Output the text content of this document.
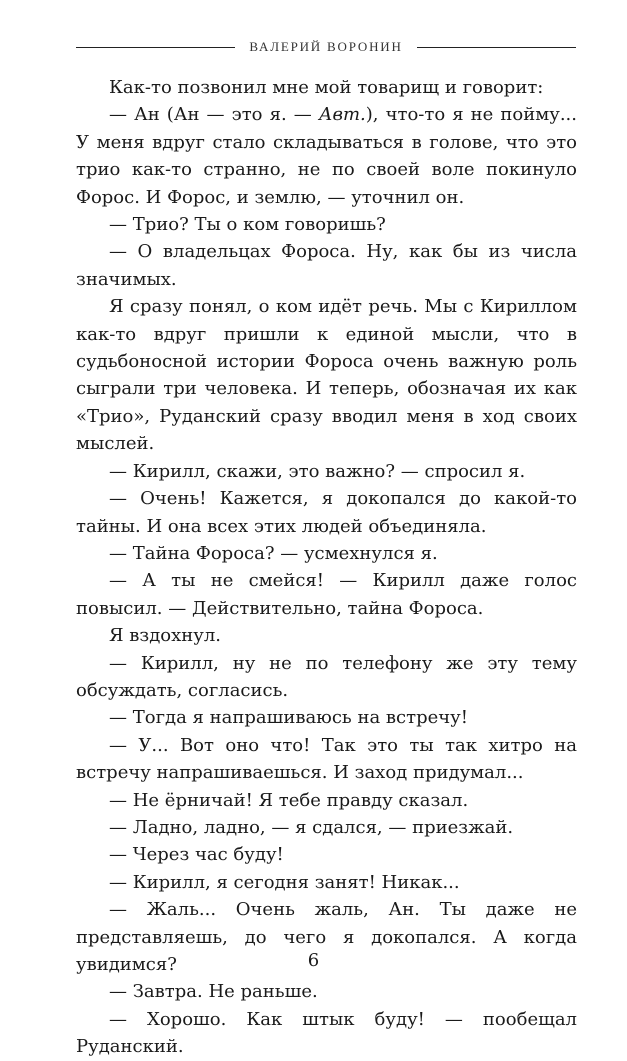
ВАЛЕРИЙ ВОРОНИН

Как-то позвонил мне мой товарищ и говорит:

— Ан (Ан — это я. — Авт.), что-то я не пойму... У меня вдруг стало складываться в голове, что это трио как-то странно, не по своей воле покинуло Форос. И Форос, и землю, — уточнил он.

— Трио? Ты о ком говоришь?

— О владельцах Фороса. Ну, как бы из числа значимых.

Я сразу понял, о ком идёт речь. Мы с Кириллом как-то вдруг пришли к единой мысли, что в судьбоносной истории Фороса очень важную роль сыграли три человека. И теперь, обозначая их как «Трио», Руданский сразу вводил меня в ход своих мыслей.

— Кирилл, скажи, это важно? — спросил я.

— Очень! Кажется, я докопался до какой-то тайны. И она всех этих людей объединяла.

— Тайна Фороса? — усмехнулся я.

— А ты не смейся! — Кирилл даже голос повысил. — Действительно, тайна Фороса.

Я вздохнул.

— Кирилл, ну не по телефону же эту тему обсуждать, согласись.

— Тогда я напрашиваюсь на встречу!

— У... Вот оно что! Так это ты так хитро на встречу напрашиваешься. И заход придумал...

— Не ёрничай! Я тебе правду сказал.

— Ладно, ладно, — я сдался, — приезжай.

— Через час буду!

— Кирилл, я сегодня занят! Никак...

— Жаль... Очень жаль, Ан. Ты даже не представляешь, до чего я докопался. А когда увидимся?

— Завтра. Не раньше.

— Хорошо. Как штык буду! — пообещал Руданский.

6
